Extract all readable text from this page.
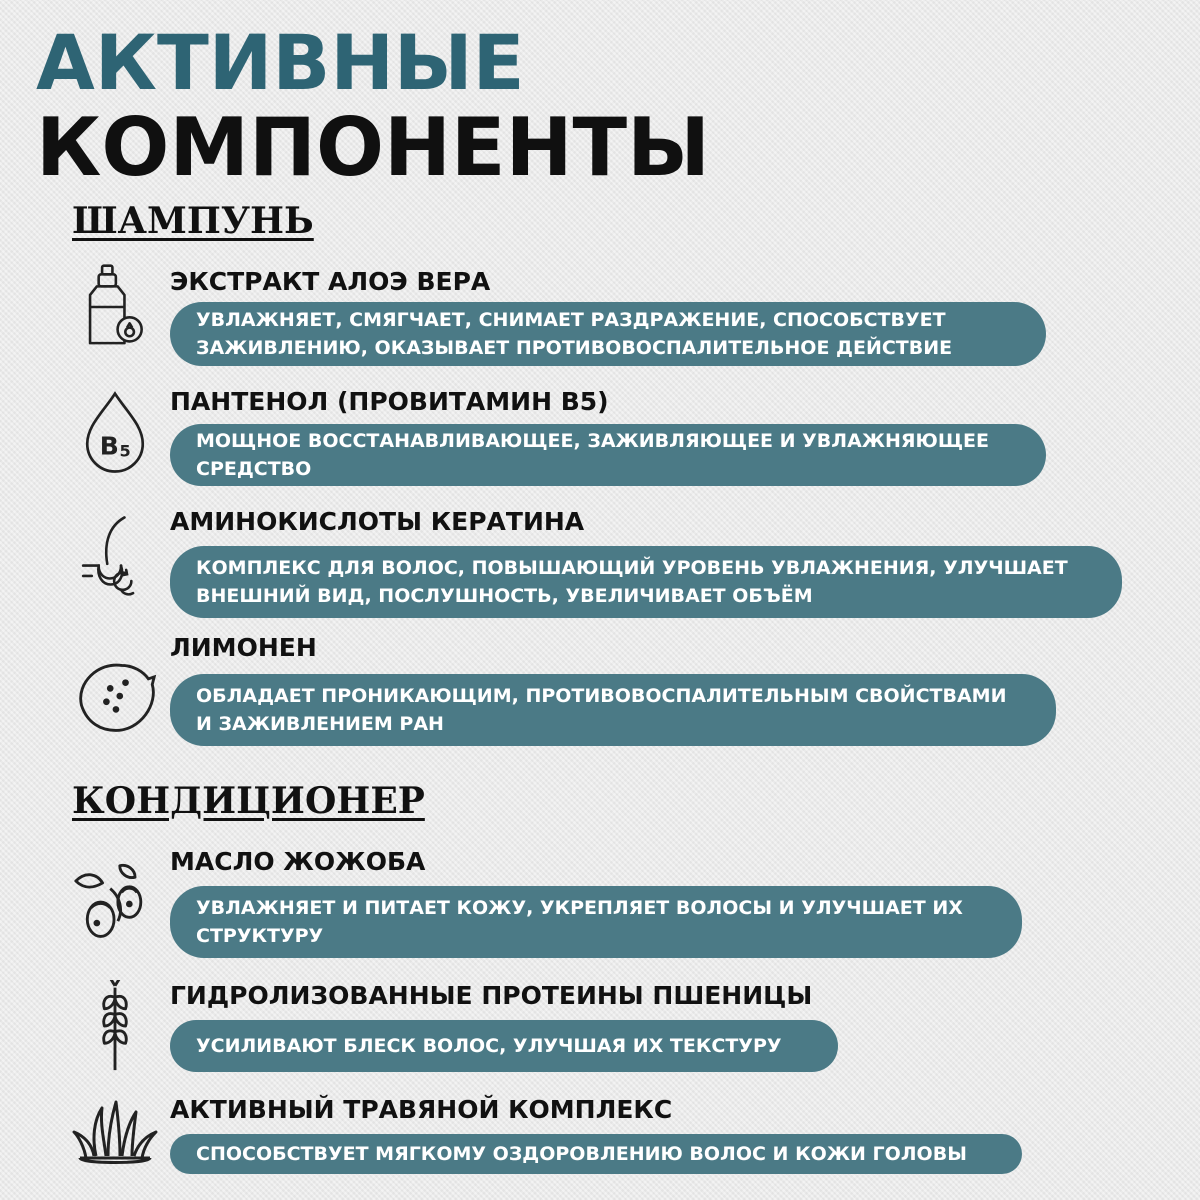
АКТИВНЫЕ
КОМПОНЕНТЫ
ШАМПУНЬ
ЭКСТРАКТ АЛОЭ ВЕРА
УВЛАЖНЯЕТ, СМЯГЧАЕТ, СНИМАЕТ РАЗДРАЖЕНИЕ, СПОСОБСТВУЕТ ЗАЖИВЛЕНИЮ, ОКАЗЫВАЕТ ПРОТИВОВОСПАЛИТЕЛЬНОЕ ДЕЙСТВИЕ
B 5
ПАНТЕНОЛ (ПРОВИТАМИН B5)
МОЩНОЕ ВОССТАНАВЛИВАЮЩЕЕ, ЗАЖИВЛЯЮЩЕЕ И УВЛАЖНЯЮЩЕЕ СРЕДСТВО
АМИНОКИСЛОТЫ КЕРАТИНА
КОМПЛЕКС ДЛЯ ВОЛОС, ПОВЫШАЮЩИЙ УРОВЕНЬ УВЛАЖНЕНИЯ, УЛУЧШАЕТ ВНЕШНИЙ ВИД, ПОСЛУШНОСТЬ, УВЕЛИЧИВАЕТ ОБЪЁМ
ЛИМОНЕН
ОБЛАДАЕТ ПРОНИКАЮЩИМ, ПРОТИВОВОСПАЛИТЕЛЬНЫМ СВОЙСТВАМИ И ЗАЖИВЛЕНИЕМ РАН
КОНДИЦИОНЕР
МАСЛО ЖОЖОБА
УВЛАЖНЯЕТ И ПИТАЕТ КОЖУ, УКРЕПЛЯЕТ ВОЛОСЫ И УЛУЧШАЕТ ИХ СТРУКТУРУ
ГИДРОЛИЗОВАННЫЕ ПРОТЕИНЫ ПШЕНИЦЫ
УСИЛИВАЮТ БЛЕСК ВОЛОС, УЛУЧШАЯ ИХ ТЕКСТУРУ
АКТИВНЫЙ ТРАВЯНОЙ КОМПЛЕКС
СПОСОБСТВУЕТ МЯГКОМУ ОЗДОРОВЛЕНИЮ ВОЛОС И КОЖИ ГОЛОВЫ
